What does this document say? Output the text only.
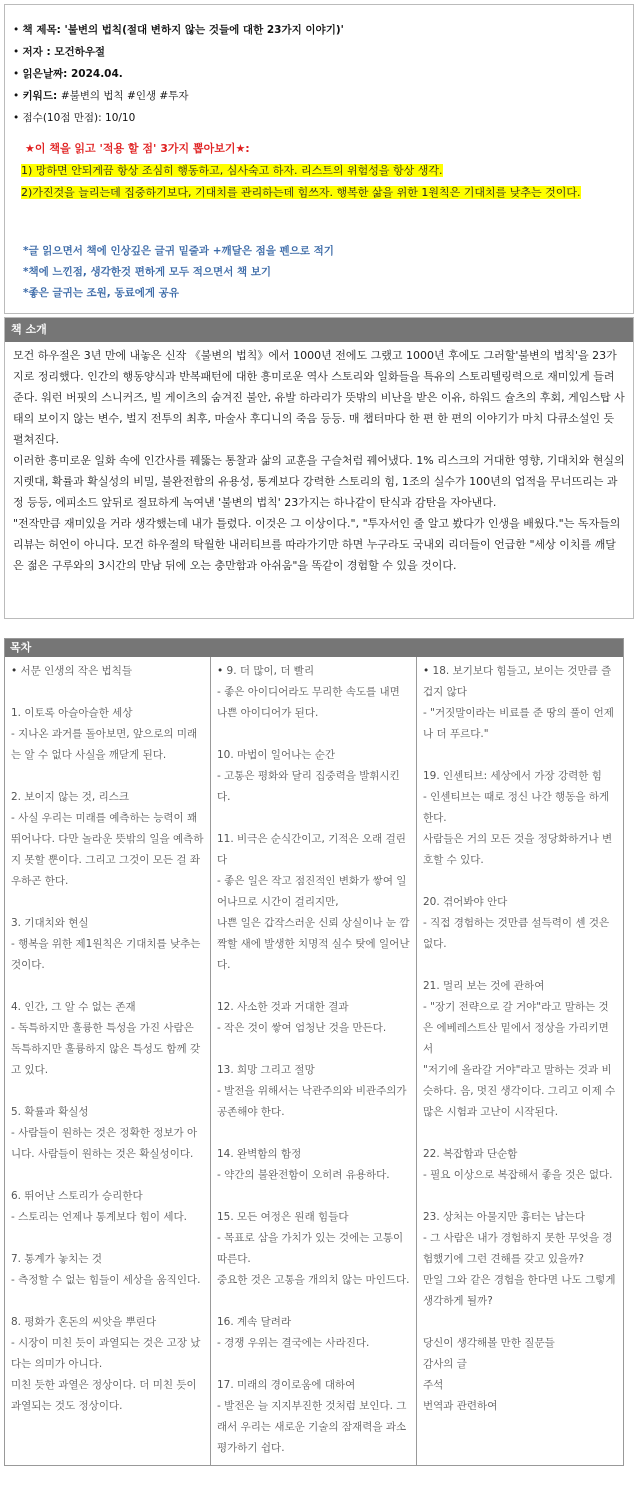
• 책 제목: '불변의 법칙(절대 변하지 않는 것들에 대한 23가지 이야기)'
• 저자 : 모건하우절
• 읽은날짜: 2024.04.
• 키워드: #불변의 법칙 #인생 #투자
• 점수(10점 만점): 10/10
★이 책을 읽고 '적용 할 점' 3가지 뽑아보기★:
1) 망하면 안되게끔 항상 조심히 행동하고, 심사숙고 하자. 리스트의 위험성을 항상 생각.
2)가진것을 늘리는데 집중하기보다, 기대치를 관리하는데 힘쓰자. 행복한 삶을 위한 1원칙은 기대치를 낮추는 것이다.
*글 읽으면서 책에 인상깊은 글귀 밑줄과 +깨달은 점을 펜으로 적기
*책에 느낀점, 생각한것 편하게 모두 적으면서 책 보기
*좋은 글귀는 조원, 동료에게 공유
책 소개

모건 하우절은 3년 만에 내놓은 신작 《불변의 법칙》에서 1000년 전에도 그랬고 1000년 후에도 그러할'불변의 법칙'을 23가지로 정리했다. 인간의 행동양식과 반복패턴에 대한 흥미로운 역사 스토리와 일화들을 특유의 스토리텔링력으로 재미있게 들려준다. 워런 버핏의 스니커즈, 빌 게이츠의 숨겨진 불안, 유발 하라리가 뜻밖의 비난을 받은 이유, 하워드 슐츠의 후회, 게임스탑 사태의 보이지 않는 변수, 벌지 전투의 최후, 마술사 후디니의 죽음 등등. 매 챕터마다 한 편 한 편의 이야기가 마치 다큐소설인 듯 펼쳐진다.

이러한 흥미로운 일화 속에 인간사를 꿰뚫는 통찰과 삶의 교훈을 구슬처럼 꿰어냈다. 1% 리스크의 거대한 영향, 기대치와 현실의 지렛대, 확률과 확실성의 비밀, 불완전함의 유용성, 통계보다 강력한 스토리의 힘, 1조의 실수가 100년의 업적을 무너뜨리는 과정 등등, 에피소드 앞뒤로 절묘하게 녹여낸 '불변의 법칙' 23가지는 하나같이 탄식과 감탄을 자아낸다.

"전작만큼 재미있을 거라 생각했는데 내가 틀렸다. 이것은 그 이상이다.", "투자서인 줄 알고 봤다가 인생을 배웠다."는 독자들의 리뷰는 허언이 아니다. 모건 하우절의 탁월한 내러티브를 따라가기만 하면 누구라도 국내외 리더들이 언급한 "세상 이치를 깨달은 젊은 구루와의 3시간의 만남 뒤에 오는 충만함과 아쉬움"을 똑같이 경험할 수 있을 것이다.

목차

• 서문 인생의 작은 법칙들

1. 이토록 아슬아슬한 세상

- 지나온 과거를 돌아보면, 앞으로의 미래는 알 수 없다 사실을 깨닫게 된다.

2. 보이지 않는 것, 리스크

- 사실 우리는 미래를 예측하는 능력이 꽤 뛰어나다. 다만 놀라운 뜻밖의 일을 예측하지 못할 뿐이다. 그리고 그것이 모든 걸 좌우하곤 한다.

3. 기대치와 현실

- 행복을 위한 제1원칙은 기대치를 낮추는 것이다.

4. 인간, 그 알 수 없는 존재

- 독특하지만 훌륭한 특성을 가진 사람은 독특하지만 훌륭하지 않은 특성도 함께 갖고 있다.

5. 확률과 확실성

- 사람들이 원하는 것은 정확한 정보가 아니다. 사람들이 원하는 것은 확실성이다.

6. 뛰어난 스토리가 승리한다

- 스토리는 언제나 통계보다 힘이 세다.

7. 통계가 놓치는 것

- 측정할 수 없는 힘들이 세상을 움직인다.

8. 평화가 혼돈의 씨앗을 뿌린다

- 시장이 미친 듯이 과열되는 것은 고장 났다는 의미가 아니다.

미친 듯한 과열은 정상이다. 더 미친 듯이 과열되는 것도 정상이다.

• 9. 더 많이, 더 빨리

- 좋은 아이디어라도 무리한 속도를 내면 나쁜 아이디어가 된다.

10. 마법이 일어나는 순간

- 고통은 평화와 달리 집중력을 발휘시킨다.

11. 비극은 순식간이고, 기적은 오래 걸린다

- 좋은 일은 작고 점진적인 변화가 쌓여 일어나므로 시간이 걸리지만,

나쁜 일은 갑작스러운 신뢰 상실이나 눈 깜짝할 새에 발생한 치명적 실수 탓에 일어난다.

12. 사소한 것과 거대한 결과

- 작은 것이 쌓여 엄청난 것을 만든다.

13. 희망 그리고 절망

- 발전을 위해서는 낙관주의와 비관주의가 공존해야 한다.

14. 완벽함의 함정

- 약간의 불완전함이 오히려 유용하다.

15. 모든 여정은 원래 힘들다

- 목표로 삼을 가치가 있는 것에는 고통이 따른다.

중요한 것은 고통을 개의치 않는 마인드다.

16. 계속 달려라

- 경쟁 우위는 결국에는 사라진다.

17. 미래의 경이로움에 대하여

- 발전은 늘 지지부진한 것처럼 보인다. 그래서 우리는 새로운 기술의 잠재력을 과소평가하기 쉽다.

• 18. 보기보다 힘들고, 보이는 것만큼 즐겁지 않다

- "거짓말이라는 비료를 준 땅의 풀이 언제나 더 푸르다."

19. 인센티브: 세상에서 가장 강력한 힘

- 인센티브는 때로 정신 나간 행동을 하게 한다.

사람들은 거의 모든 것을 정당화하거나 변호할 수 있다.

20. 겪어봐야 안다

- 직접 경험하는 것만큼 설득력이 센 것은 없다.

21. 멀리 보는 것에 관하여

- "장기 전략으로 갈 거야"라고 말하는 것은 에베레스트산 밑에서 정상을 가리키면서

"저기에 올라갈 거야"라고 말하는 것과 비슷하다. 음, 멋진 생각이다. 그리고 이제 수많은 시험과 고난이 시작된다.

22. 복잡함과 단순함

- 필요 이상으로 복잡해서 좋을 것은 없다.

23. 상처는 아물지만 흉터는 남는다

- 그 사람은 내가 경험하지 못한 무엇을 경험했기에 그런 견해를 갖고 있을까?

만일 그와 같은 경험을 한다면 나도 그렇게 생각하게 될까?

당신이 생각해볼 만한 질문들

감사의 글

주석

번역과 관련하여
